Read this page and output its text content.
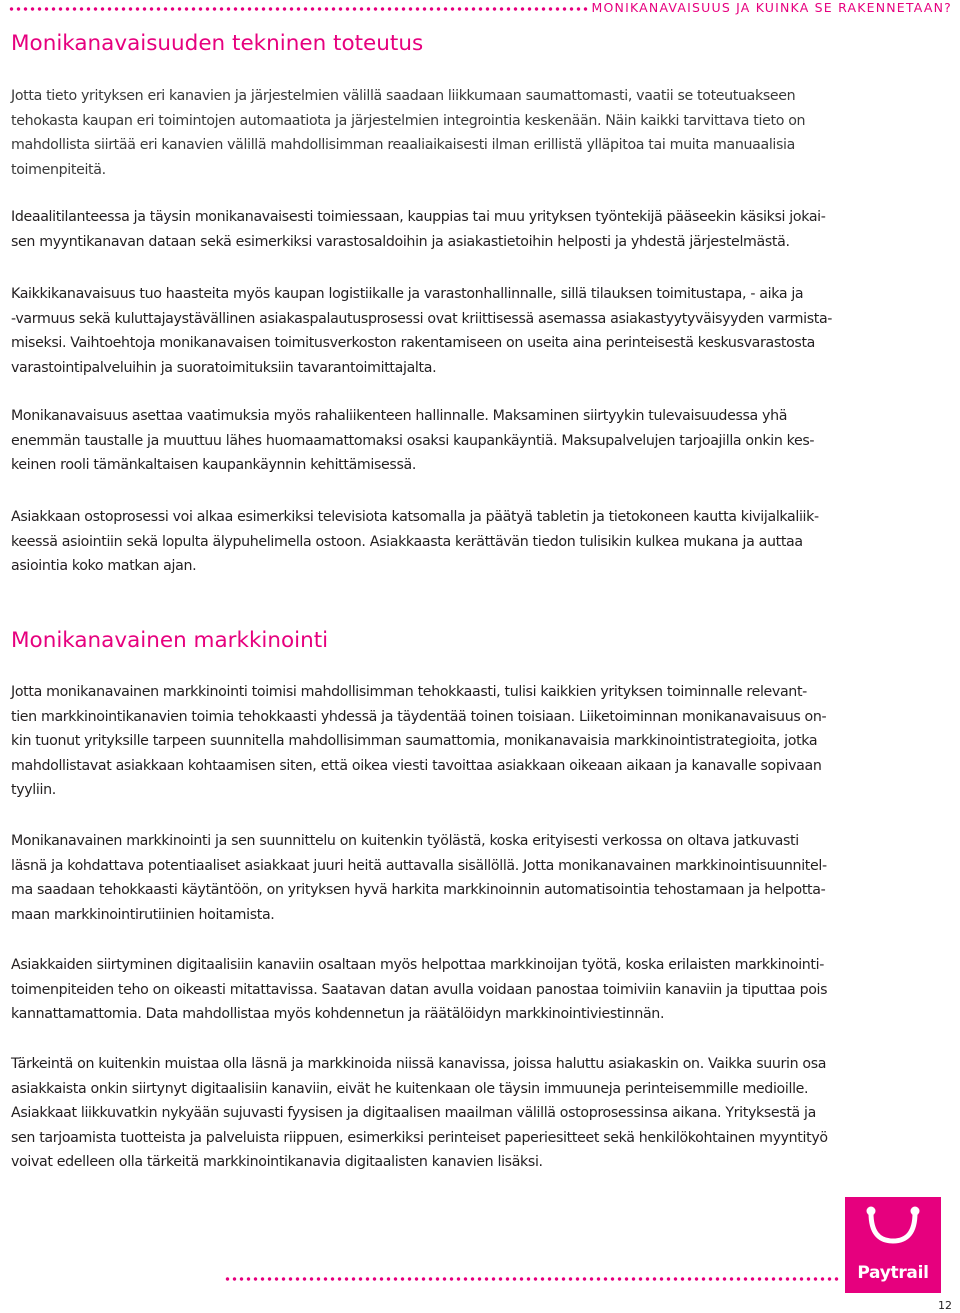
MONIKANAVAISUUS JA KUINKA SE RAKENNETAAN?
Monikanavaisuuden tekninen toteutus
Jotta tieto yrityksen eri kanavien ja järjestelmien välillä saadaan liikkumaan saumattomasti, vaatii se toteutuakseen
tehokasta kaupan eri toimintojen automaatiota ja järjestelmien integrointia keskenään. Näin kaikki tarvittava tieto on
mahdollista siirtää eri kanavien välillä mahdollisimman reaaliaikaisesti ilman erillistä ylläpitoa tai muita manuaalisia
toimenpiteitä.
Ideaalitilanteessa ja täysin monikanavaisesti toimiessaan, kauppias tai muu yrityksen työntekijä pääseekin käsiksi jokai-
sen myyntikanavan dataan sekä esimerkiksi varastosaldoihin ja asiakastietoihin helposti ja yhdestä järjestelmästä.
Kaikkikanavaisuus tuo haasteita myös kaupan logistiikalle ja varastonhallinnalle, sillä tilauksen toimitustapa, - aika ja
-varmuus sekä kuluttajaystävällinen asiakaspalautusprosessi ovat kriittisessä asemassa asiakastyytyväisyyden varmista-
miseksi. Vaihtoehtoja monikanavaisen toimitusverkoston rakentamiseen on useita aina perinteisestä keskusvarastosta
varastointipalveluihin ja suoratoimituksiin tavarantoimittajalta.
Monikanavaisuus asettaa vaatimuksia myös rahaliikenteen hallinnalle. Maksaminen siirtyykin tulevaisuudessa yhä
enemmän taustalle ja muuttuu lähes huomaamattomaksi osaksi kaupankäyntiä. Maksupalvelujen tarjoajilla onkin kes-
keinen rooli tämänkaltaisen kaupankäynnin kehittämisessä.
Asiakkaan ostoprosessi voi alkaa esimerkiksi televisiota katsomalla ja päätyä tabletin ja tietokoneen kautta kivijalkaliik-
keessä asiointiin sekä lopulta älypuhelimella ostoon. Asiakkaasta kerättävän tiedon tulisikin kulkea mukana ja auttaa
asiointia koko matkan ajan.
Monikanavainen markkinointi
Jotta monikanavainen markkinointi toimisi mahdollisimman tehokkaasti, tulisi kaikkien yrityksen toiminnalle relevant-
tien markkinointikanavien toimia tehokkaasti yhdessä ja täydentää toinen toisiaan. Liiketoiminnan monikanavaisuus on-
kin tuonut yrityksille tarpeen suunnitella mahdollisimman saumattomia, monikanavaisia markkinointistrategioita, jotka
mahdollistavat asiakkaan kohtaamisen siten, että oikea viesti tavoittaa asiakkaan oikeaan aikaan ja kanavalle sopivaan
tyyliin.
Monikanavainen markkinointi ja sen suunnittelu on kuitenkin työlästä, koska erityisesti verkossa on oltava jatkuvasti
läsnä ja kohdattava potentiaaliset asiakkaat juuri heitä auttavalla sisällöllä. Jotta monikanavainen markkinointisuunnitel-
ma saadaan tehokkaasti käytäntöön, on yrityksen hyvä harkita markkinoinnin automatisointia tehostamaan ja helpotta-
maan markkinointirutiinien hoitamista.
Asiakkaiden siirtyminen digitaalisiin kanaviin osaltaan myös helpottaa markkinoijan työtä, koska erilaisten markkinointi-
toimenpiteiden teho on oikeasti mitattavissa. Saatavan datan avulla voidaan panostaa toimiviin kanaviin ja tiputtaa pois
kannattamattomia. Data mahdollistaa myös kohdennetun ja räätälöidyn markkinointiviestinnän.
Tärkeintä on kuitenkin muistaa olla läsnä ja markkinoida niissä kanavissa, joissa haluttu asiakaskin on. Vaikka suurin osa
asiakkaista onkin siirtynyt digitaalisiin kanaviin, eivät he kuitenkaan ole täysin immuuneja perinteisemmille medioille.
Asiakkaat liikkuvatkin nykyään sujuvasti fyysisen ja digitaalisen maailman välillä ostoprosessinsa aikana. Yrityksestä ja
sen tarjoamista tuotteista ja palveluista riippuen, esimerkiksi perinteiset paperiesitteet sekä henkilökohtainen myyntityö
voivat edelleen olla tärkeitä markkinointikanavia digitaalisten kanavien lisäksi.
Paytrail
12
